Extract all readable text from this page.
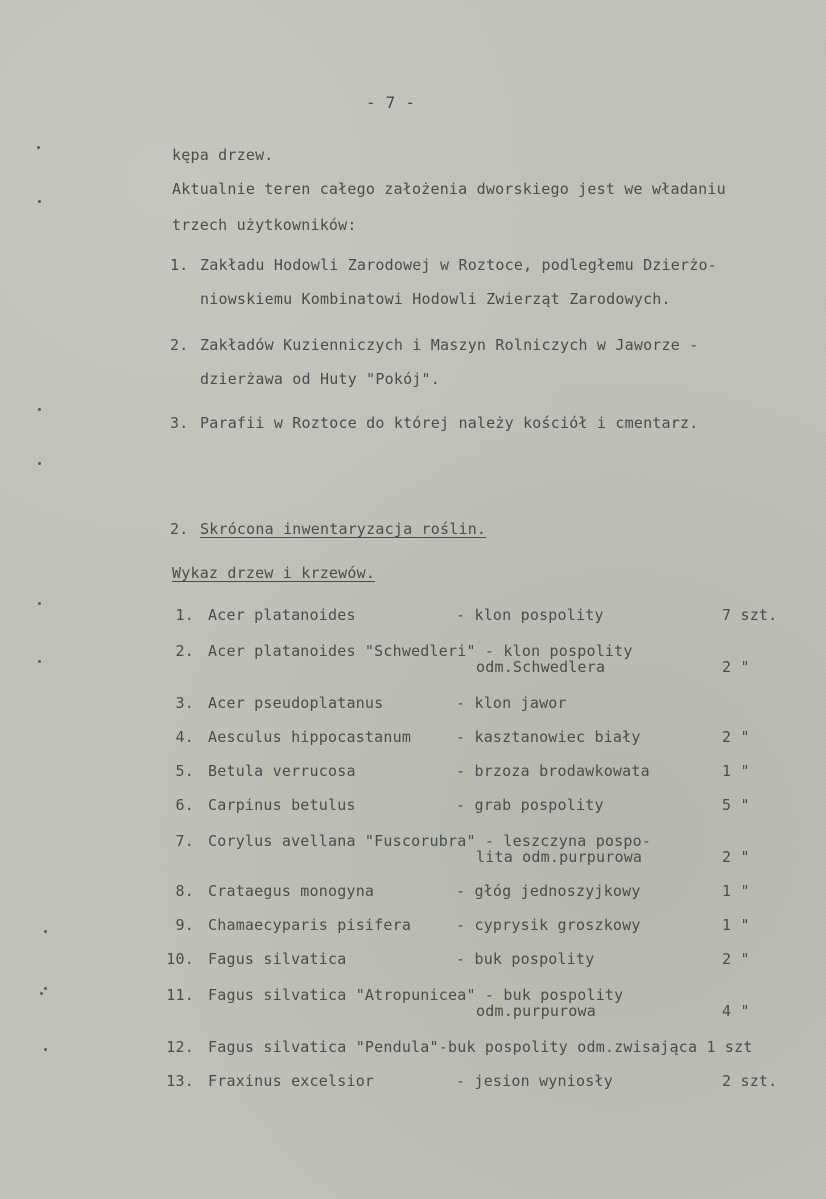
- 7 -
kępa drzew.
Aktualnie teren całego założenia dworskiego jest we władaniu
trzech użytkowników:
1. Zakładu Hodowli Zarodowej w Roztoce, podległemu Dzierżo-
niowskiemu Kombinatowi Hodowli Zwierząt Zarodowych.
2. Zakładów Kuzienniczych i Maszyn Rolniczych w Jaworze -
dzierżawa od Huty "Pokój".
3. Parafii w Roztoce do której należy kościół i cmentarz.
2. Skrócona inwentaryzacja roślin.
Wykaz drzew i krzewów.
1. Acer platanoides	- klon pospolity	7 szt.
2. Acer platanoides "Schwedleri" - klon pospolity
odm.Schwedlera	2 "
3. Acer pseudoplatanus	- klon jawor
4. Aesculus hippocastanum	- kasztanowiec biały	2 "
5. Betula verrucosa	- brzoza brodawkowata	1 "
6. Carpinus betulus	- grab pospolity	5 "
7. Corylus avellana "Fuscorubra" - leszczyna pospo-
lita odm.purpurowa	2 "
8. Crataegus monogyna	- głóg jednoszyjkowy	1 "
9. Chamaecyparis pisifera	- cyprysik groszkowy	1 "
10. Fagus silvatica	- buk pospolity	2 "
11. Fagus silvatica "Atropunicea" - buk pospolity
odm.purpurowa	4 "
12. Fagus silvatica "Pendula"-buk pospolity odm.zwisająca 1 szt
13. Fraxinus excelsior	- jesion wyniosły	2 szt.
